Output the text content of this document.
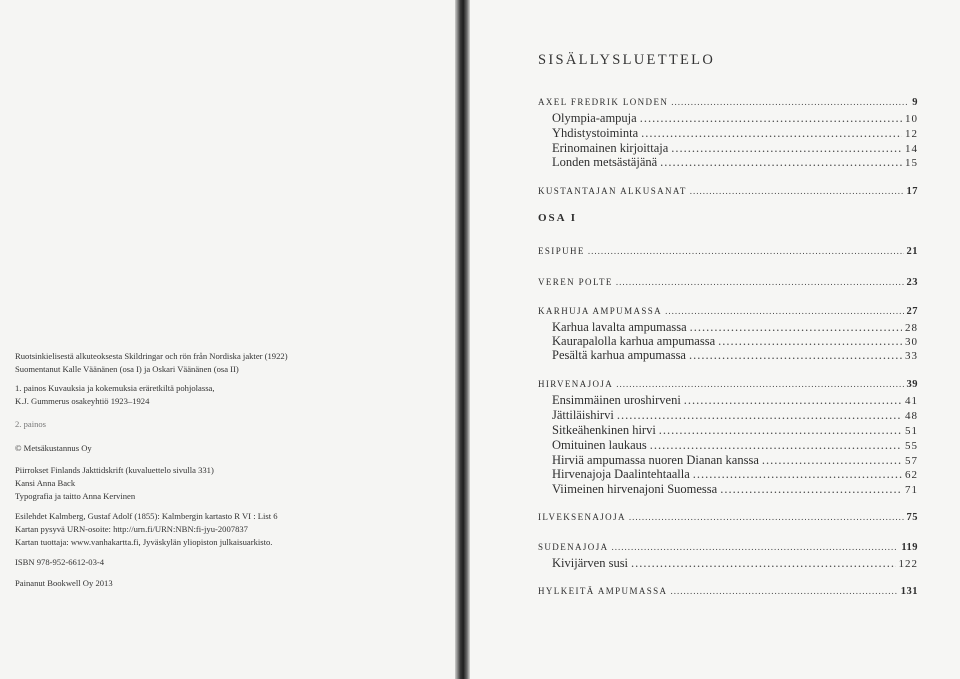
Ruotsinkielisestä alkuteoksesta Skildringar och rön från Nordiska jakter (1922)

Suomentanut Kalle Väänänen (osa I) ja Oskari Väänänen (osa II)

1. painos Kuvauksia ja kokemuksia eräretkiltä pohjolassa,

K.J. Gummerus osakeyhtiö 1923–1924

2. painos

© Metsäkustannus Oy

Piirrokset Finlands Jakttidskrift (kuvaluettelo sivulla 331)

Kansi Anna Back

Typografia ja taitto Anna Kervinen

Esilehdet Kalmberg, Gustaf Adolf (1855): Kalmbergin kartasto R VI : List 6

Kartan pysyvä URN-osoite: http://urn.fi/URN:NBN:fi-jyu-2007837

Kartan tuottaja: www.vanhakartta.fi, Jyväskylän yliopiston julkaisuarkisto.

ISBN 978-952-6612-03-4

Painanut Bookwell Oy 2013

SISÄLLYSLUETTELO
AXEL FREDRIK LONDEN .....	9
Olympia-ampuja .....	10
Yhdistystoiminta .....	12
Erinomainen kirjoittaja .....	14
Londen metsästäjänä .....	15
KUSTANTAJAN ALKUSANAT .....	17
OSA I
ESIPUHE .....	21
VEREN POLTE .....	23
KARHUJA AMPUMASSA .....	27
Karhua lavalta ampumassa .....	28
Kaurapalolla karhua ampumassa .....	30
Pesältä karhua ampumassa .....	33
HIRVENAJOJA .....	39
Ensimmäinen uroshirveni .....	41
Jättiläishirvi .....	48
Sitkeähenkinen hirvi .....	51
Omituinen laukaus .....	55
Hirviä ampumassa nuoren Dianan kanssa .....	57
Hirvenajoja Daalintehtaalla .....	62
Viimeinen hirvenajoni Suomessa .....	71
ILVEKSENAJOJA .....	75
SUDENAJOJA .....	119
Kivijärven susi .....	122
HYLKEITÄ AMPUMASSA .....	131
